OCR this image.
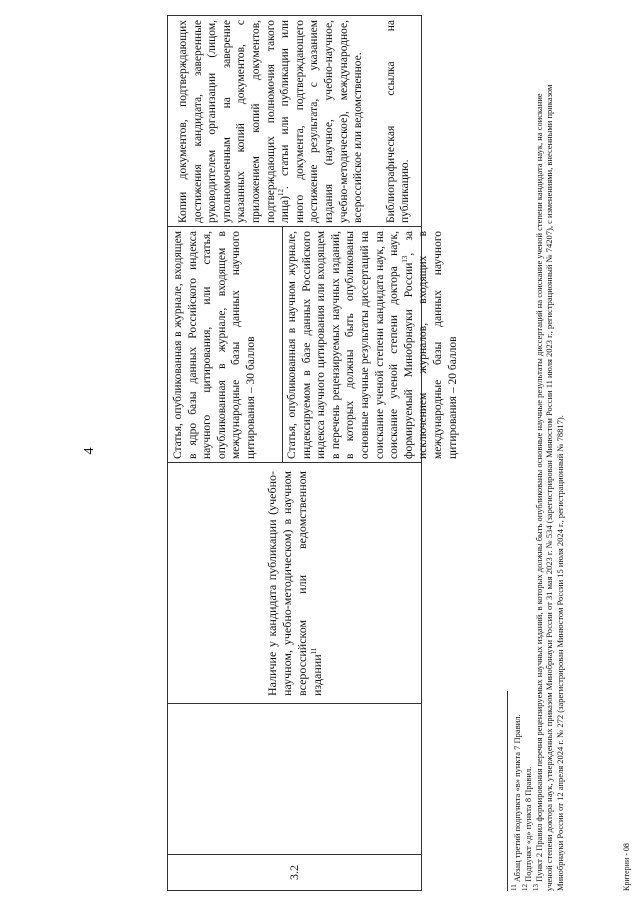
4
3.2
Наличие у кандидата публикации (учебно-научном, учебно-методическом) в научном всероссийском или ведомственном издании$^{11}$
Статья, опубликованная в журнале, входящем в ядро базы данных Российского индекса научного цитирования, или статья, опубликованная в журнале, входящем в международные базы данных научного цитирования – 30 баллов	Статья, опубликованная в научном журнале, индексируемом в базе данных Российского индекса научного цитирования или входящем в перечень рецензируемых научных изданий, в которых должны быть опубликованы основные научные результаты диссертаций на соискание ученой степени кандидата наук, на соискание ученой степени доктора наук, формируемый Минобрнауки России$^{13}$, за исключением журналов, входящих в международные базы данных научного цитирования – 20 баллов
Копии документов, подтверждающих достижения кандидата, заверенные руководителем организации (лицом, уполномоченным на заверение указанных копий документов, с приложением копий документов, подтверждающих полномочия такого лица)$^{12}$. статьи или публикации или иного документа, подтверждающего достижение результата, с указанием издания (научное, учебно-научное, учебно-методическое), международное, всероссийское или ведомственное. Библиографическая ссылка на публикацию.

$^{11}$ Абзац третий подпункта «в» пункта 7 Правил.

$^{12}$ Подпункт «д» пункта 8 Правил.

$^{13}$ Пункт 2 Правил формирования перечня рецензируемых научных изданий, в которых должны быть опубликованы основные научные результаты диссертаций на соискание ученой степени кандидата наук, на соискание ученой степени доктора наук, утвержденных приказом Минобрнауки России от 31 мая 2023 г. № 534 (зарегистрирован Минюстом России 11 июля 2023 г., регистрационный № 74207), с изменениями, внесенными приказом Минобрнауки России от 12 апреля 2024 г. № 272 (зарегистрирован Минюстом России 15 июля 2024 г., регистрационный № 78817).	Критерии - 08
